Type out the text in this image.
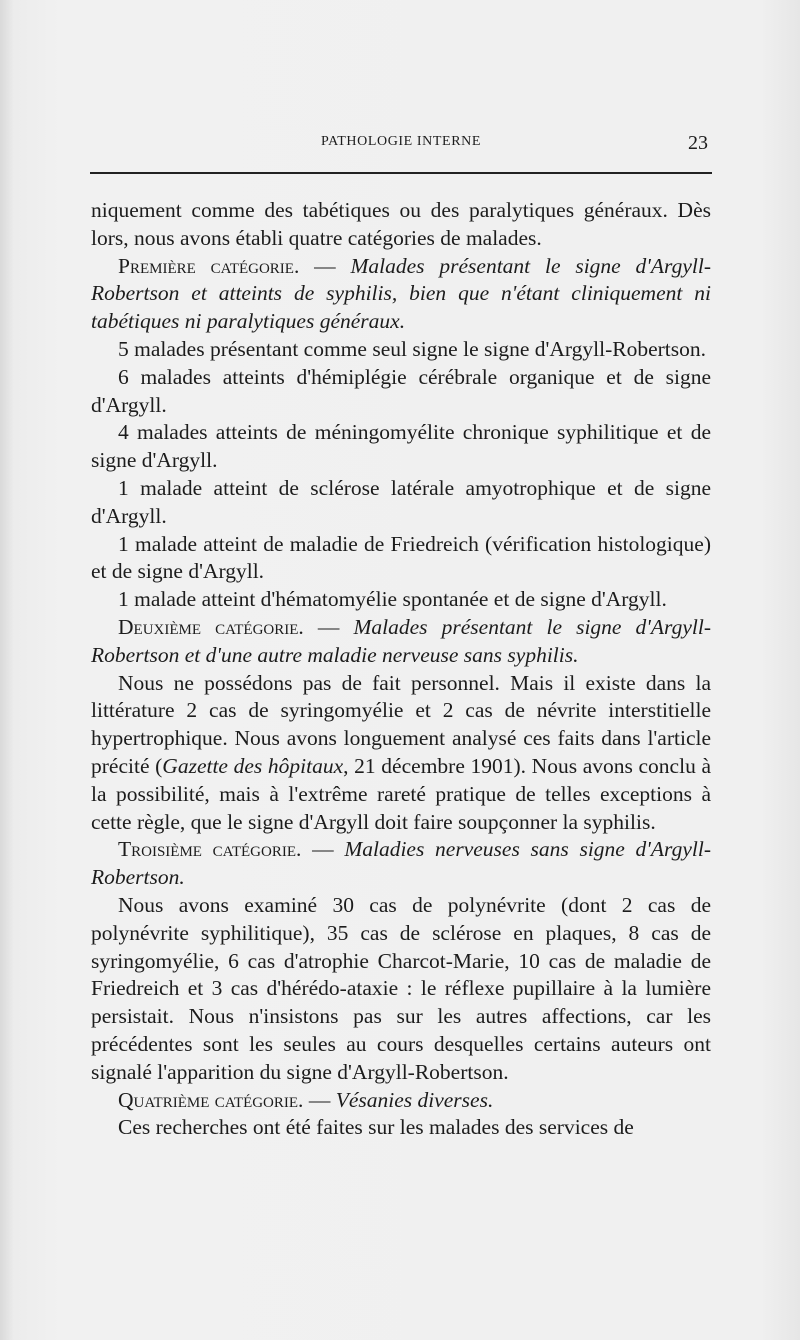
PATHOLOGIE INTERNE	23

niquement comme des tabétiques ou des paralytiques généraux. Dès lors, nous avons établi quatre catégories de malades.

Première catégorie. — Malades présentant le signe d'Argyll-Robertson et atteints de syphilis, bien que n'étant cliniquement ni tabétiques ni paralytiques généraux.

5 malades présentant comme seul signe le signe d'Argyll-Robertson.

6 malades atteints d'hémiplégie cérébrale organique et de signe d'Argyll.

4 malades atteints de méningomyélite chronique syphilitique et de signe d'Argyll.

1 malade atteint de sclérose latérale amyotrophique et de signe d'Argyll.

1 malade atteint de maladie de Friedreich (vérification histologique) et de signe d'Argyll.

1 malade atteint d'hématomyélie spontanée et de signe d'Argyll.

Deuxième catégorie. — Malades présentant le signe d'Argyll-Robertson et d'une autre maladie nerveuse sans syphilis.

Nous ne possédons pas de fait personnel. Mais il existe dans la littérature 2 cas de syringomyélie et 2 cas de névrite interstitielle hypertrophique. Nous avons longuement analysé ces faits dans l'article précité (Gazette des hôpitaux, 21 décembre 1901). Nous avons conclu à la possibilité, mais à l'extrême rareté pratique de telles exceptions à cette règle, que le signe d'Argyll doit faire soupçonner la syphilis.

Troisième catégorie. — Maladies nerveuses sans signe d'Argyll-Robertson.

Nous avons examiné 30 cas de polynévrite (dont 2 cas de polynévrite syphilitique), 35 cas de sclérose en plaques, 8 cas de syringomyélie, 6 cas d'atrophie Charcot-Marie, 10 cas de maladie de Friedreich et 3 cas d'hérédo-ataxie : le réflexe pupillaire à la lumière persistait. Nous n'insistons pas sur les autres affections, car les précédentes sont les seules au cours desquelles certains auteurs ont signalé l'apparition du signe d'Argyll-Robertson.

Quatrième catégorie. — Vésanies diverses.

Ces recherches ont été faites sur les malades des services de
